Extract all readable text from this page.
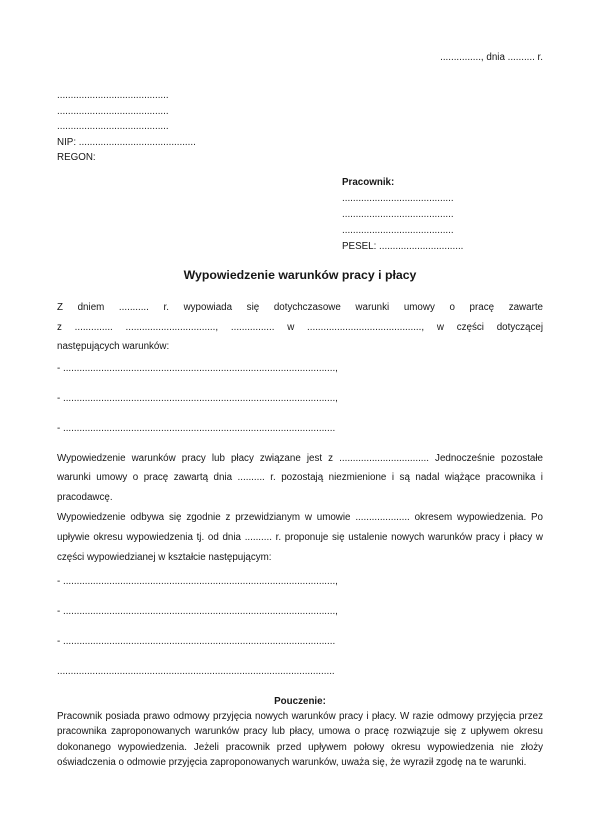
..............., dnia .......... r.
.........................................
.........................................
.........................................
NIP: ...........................................
REGON:
Pracownik:
.........................................
.........................................
.........................................
PESEL: ...............................
Wypowiedzenie warunków pracy i płacy
Z dniem ........... r. wypowiada się dotychczasowe warunki umowy o pracę zawarte
z .............. ................................., ................ w .........................................., w części dotyczącej
następujących warunków:
- ....................................................................................................,
- ....................................................................................................,
- ....................................................................................................
Wypowiedzenie warunków pracy lub płacy związane jest z ................................. Jednocześnie pozostałe
warunki umowy o pracę zawartą dnia .......... r. pozostają niezmienione i są nadal wiążące pracownika i
pracodawcę.
Wypowiedzenie odbywa się zgodnie z przewidzianym w umowie .................... okresem wypowiedzenia. Po
upływie okresu wypowiedzenia tj. od dnia .......... r. proponuje się ustalenie nowych warunków pracy i płacy w
części wypowiedzianej w kształcie następującym:
- ....................................................................................................,
- ....................................................................................................,
- ....................................................................................................
......................................................................................................
Pouczenie:
Pracownik posiada prawo odmowy przyjęcia nowych warunków pracy i płacy. W razie odmowy przyjęcia przez
pracownika zaproponowanych warunków pracy lub płacy, umowa o pracę rozwiązuje się z upływem okresu
dokonanego wypowiedzenia. Jeżeli pracownik przed upływem połowy okresu wypowiedzenia nie złoży
oświadczenia o odmowie przyjęcia zaproponowanych warunków, uważa się, że wyraził zgodę na te warunki.
